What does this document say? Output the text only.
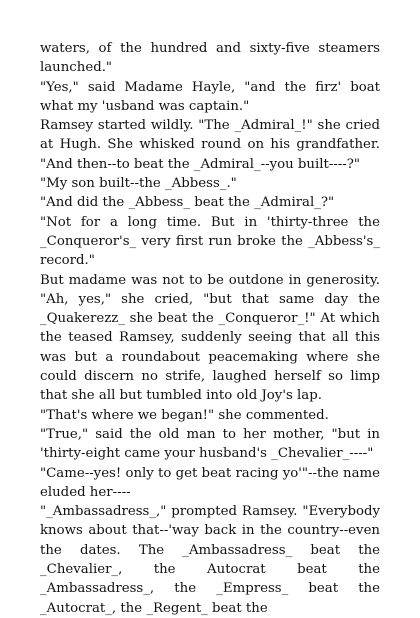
waters, of the hundred and sixty-five steamers launched."

"Yes," said Madame Hayle, "and the firz' boat what my 'usband was captain."

Ramsey started wildly. "The _Admiral_!" she cried at Hugh. She whisked round on his grandfather. "And then--to beat the _Admiral_--you built----?"

"My son built--the _Abbess_."

"And did the _Abbess_ beat the _Admiral_?"

"Not for a long time. But in 'thirty-three the _Conqueror's_ very first run broke the _Abbess's_ record."

But madame was not to be outdone in generosity. "Ah, yes," she cried, "but that same day the _Quakerezz_ she beat the _Conqueror_!" At which the teased Ramsey, suddenly seeing that all this was but a roundabout peacemaking where she could discern no strife, laughed herself so limp that she all but tumbled into old Joy's lap.

"That's where we began!" she commented.

"True," said the old man to her mother, "but in 'thirty-eight came your husband's _Chevalier_----"

"Came--yes! only to get beat racing yo'"--the name eluded her----

"_Ambassadress_," prompted Ramsey. "Everybody knows about that--'way back in the country--even the dates. The _Ambassadress_ beat the _Chevalier_, the Autocrat beat the _Ambassadress_, the _Empress_ beat the _Autocrat_, the _Regent_ beat the
